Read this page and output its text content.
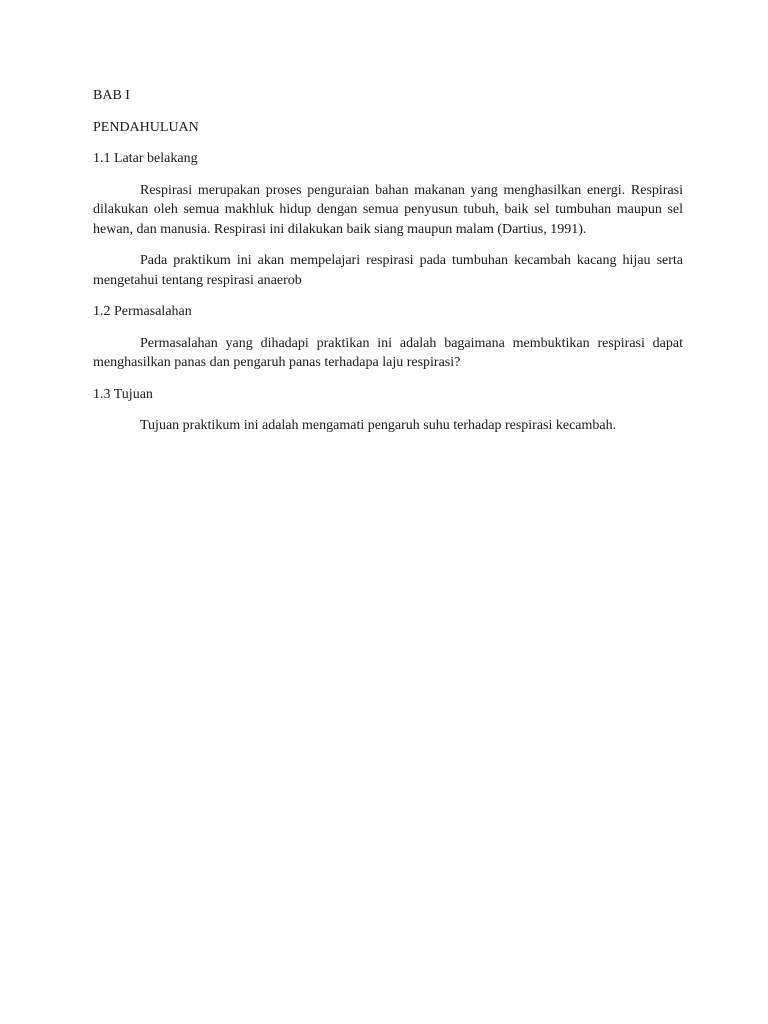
BAB I

PENDAHULUAN

1.1 Latar belakang

Respirasi merupakan proses penguraian bahan makanan yang menghasilkan energi. Respirasi dilakukan oleh semua makhluk hidup dengan semua penyusun tubuh, baik sel tumbuhan maupun sel hewan, dan manusia. Respirasi ini dilakukan baik siang maupun malam (Dartius, 1991).

Pada praktikum ini akan mempelajari respirasi pada tumbuhan kecambah kacang hijau serta mengetahui tentang respirasi anaerob

1.2 Permasalahan

Permasalahan yang dihadapi praktikan ini adalah bagaimana membuktikan respirasi dapat menghasilkan panas dan pengaruh panas terhadapa laju respirasi?

1.3 Tujuan

Tujuan praktikum ini adalah mengamati pengaruh suhu terhadap respirasi kecambah.
